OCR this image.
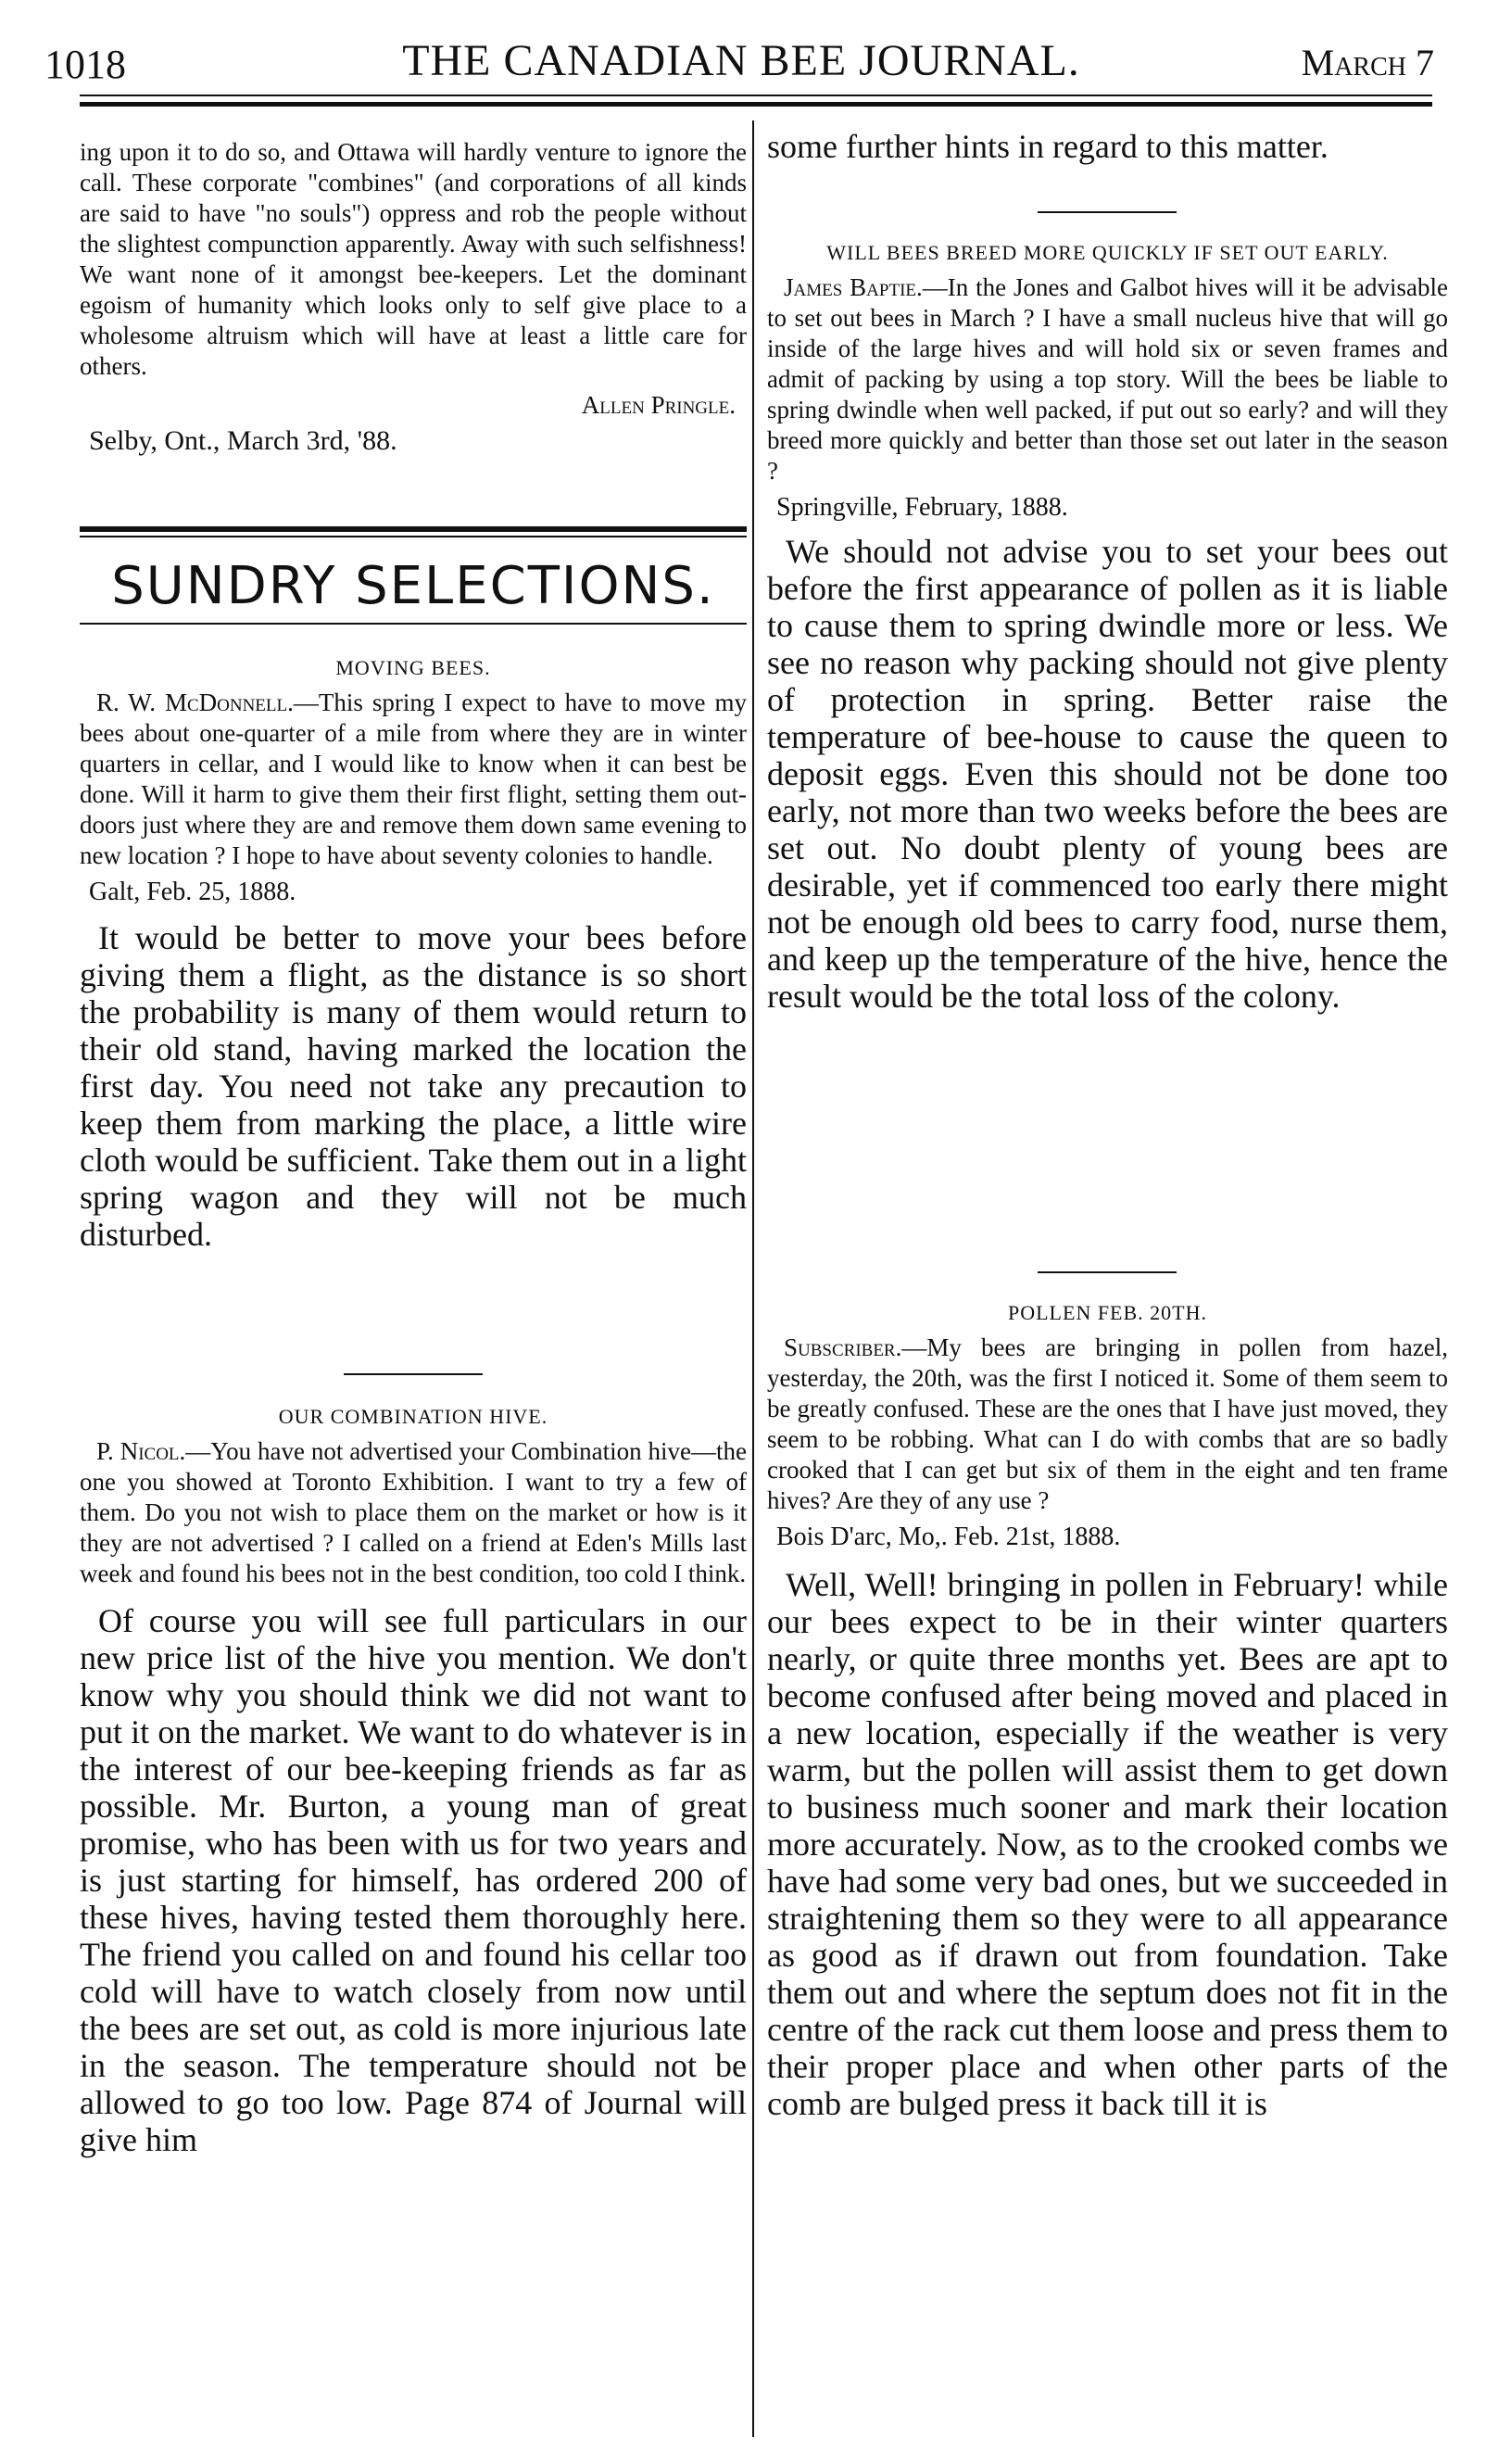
1018	THE CANADIAN BEE JOURNAL.	March 7

ing upon it to do so, and Ottawa will hardly venture to ignore the call. These corporate "combines" (and corporations of all kinds are said to have "no souls") oppress and rob the people without the slightest compunction apparently. Away with such selfishness! We want none of it amongst bee-keepers. Let the dominant egoism of humanity which looks only to self give place to a wholesome altruism which will have at least a little care for others.

Allen Pringle.
Selby, Ont., March 3rd, '88.
SUNDRY SELECTIONS.
MOVING BEES.

R. W. McDonnell.—This spring I expect to have to move my bees about one-quarter of a mile from where they are in winter quarters in cellar, and I would like to know when it can best be done. Will it harm to give them their first flight, setting them out-doors just where they are and remove them down same evening to new location ? I hope to have about seventy colonies to handle.

Galt, Feb. 25, 1888.

It would be better to move your bees before giving them a flight, as the distance is so short the probability is many of them would return to their old stand, having marked the location the first day. You need not take any precaution to keep them from marking the place, a little wire cloth would be sufficient. Take them out in a light spring wagon and they will not be much disturbed.

OUR COMBINATION HIVE.

P. Nicol.—You have not advertised your Combination hive—the one you showed at Toronto Exhibition. I want to try a few of them. Do you not wish to place them on the market or how is it they are not advertised ? I called on a friend at Eden's Mills last week and found his bees not in the best condition, too cold I think.

Of course you will see full particulars in our new price list of the hive you mention. We don't know why you should think we did not want to put it on the market. We want to do whatever is in the interest of our bee-keeping friends as far as possible. Mr. Burton, a young man of great promise, who has been with us for two years and is just starting for himself, has ordered 200 of these hives, having tested them thoroughly here. The friend you called on and found his cellar too cold will have to watch closely from now until the bees are set out, as cold is more injurious late in the season. The temperature should not be allowed to go too low. Page 874 of Journal will give him

some further hints in regard to this matter.

WILL BEES BREED MORE QUICKLY IF SET OUT EARLY.

James Baptie.—In the Jones and Galbot hives will it be advisable to set out bees in March ? I have a small nucleus hive that will go inside of the large hives and will hold six or seven frames and admit of packing by using a top story. Will the bees be liable to spring dwindle when well packed, if put out so early? and will they breed more quickly and better than those set out later in the season ?

Springville, February, 1888.

We should not advise you to set your bees out before the first appearance of pollen as it is liable to cause them to spring dwindle more or less. We see no reason why packing should not give plenty of protection in spring. Better raise the temperature of bee-house to cause the queen to deposit eggs. Even this should not be done too early, not more than two weeks before the bees are set out. No doubt plenty of young bees are desirable, yet if commenced too early there might not be enough old bees to carry food, nurse them, and keep up the temperature of the hive, hence the result would be the total loss of the colony.

POLLEN FEB. 20TH.

Subscriber.—My bees are bringing in pollen from hazel, yesterday, the 20th, was the first I noticed it. Some of them seem to be greatly confused. These are the ones that I have just moved, they seem to be robbing. What can I do with combs that are so badly crooked that I can get but six of them in the eight and ten frame hives? Are they of any use ?

Bois D'arc, Mo,. Feb. 21st, 1888.

Well, Well! bringing in pollen in February! while our bees expect to be in their winter quarters nearly, or quite three months yet. Bees are apt to become confused after being moved and placed in a new location, especially if the weather is very warm, but the pollen will assist them to get down to business much sooner and mark their location more accurately. Now, as to the crooked combs we have had some very bad ones, but we succeeded in straightening them so they were to all appearance as good as if drawn out from foundation. Take them out and where the septum does not fit in the centre of the rack cut them loose and press them to their proper place and when other parts of the comb are bulged press it back till it is
